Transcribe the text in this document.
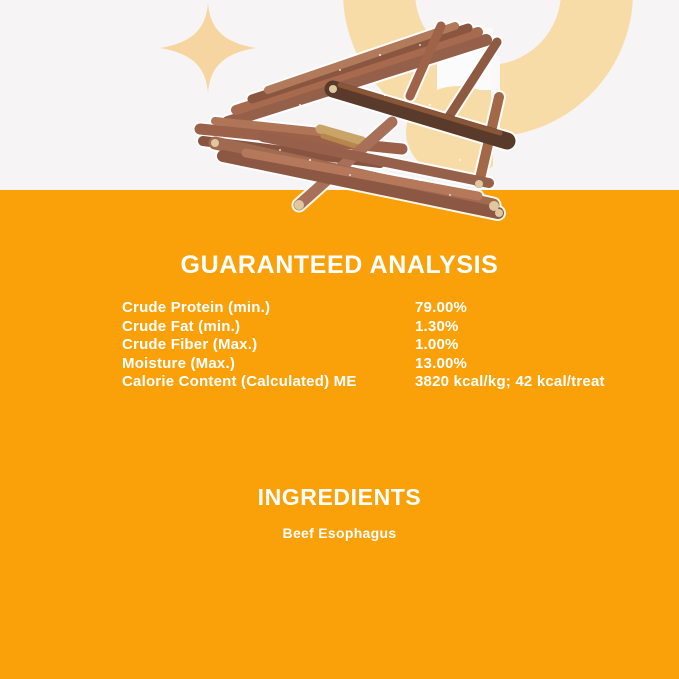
GUARANTEED ANALYSIS
Crude Protein (min.)	79.00%
Crude Fat (min.)	1.30%
Crude Fiber (Max.)	1.00%
Moisture (Max.)	13.00%
Calorie Content (Calculated) ME	3820 kcal/kg; 42 kcal/treat
INGREDIENTS
Beef Esophagus
